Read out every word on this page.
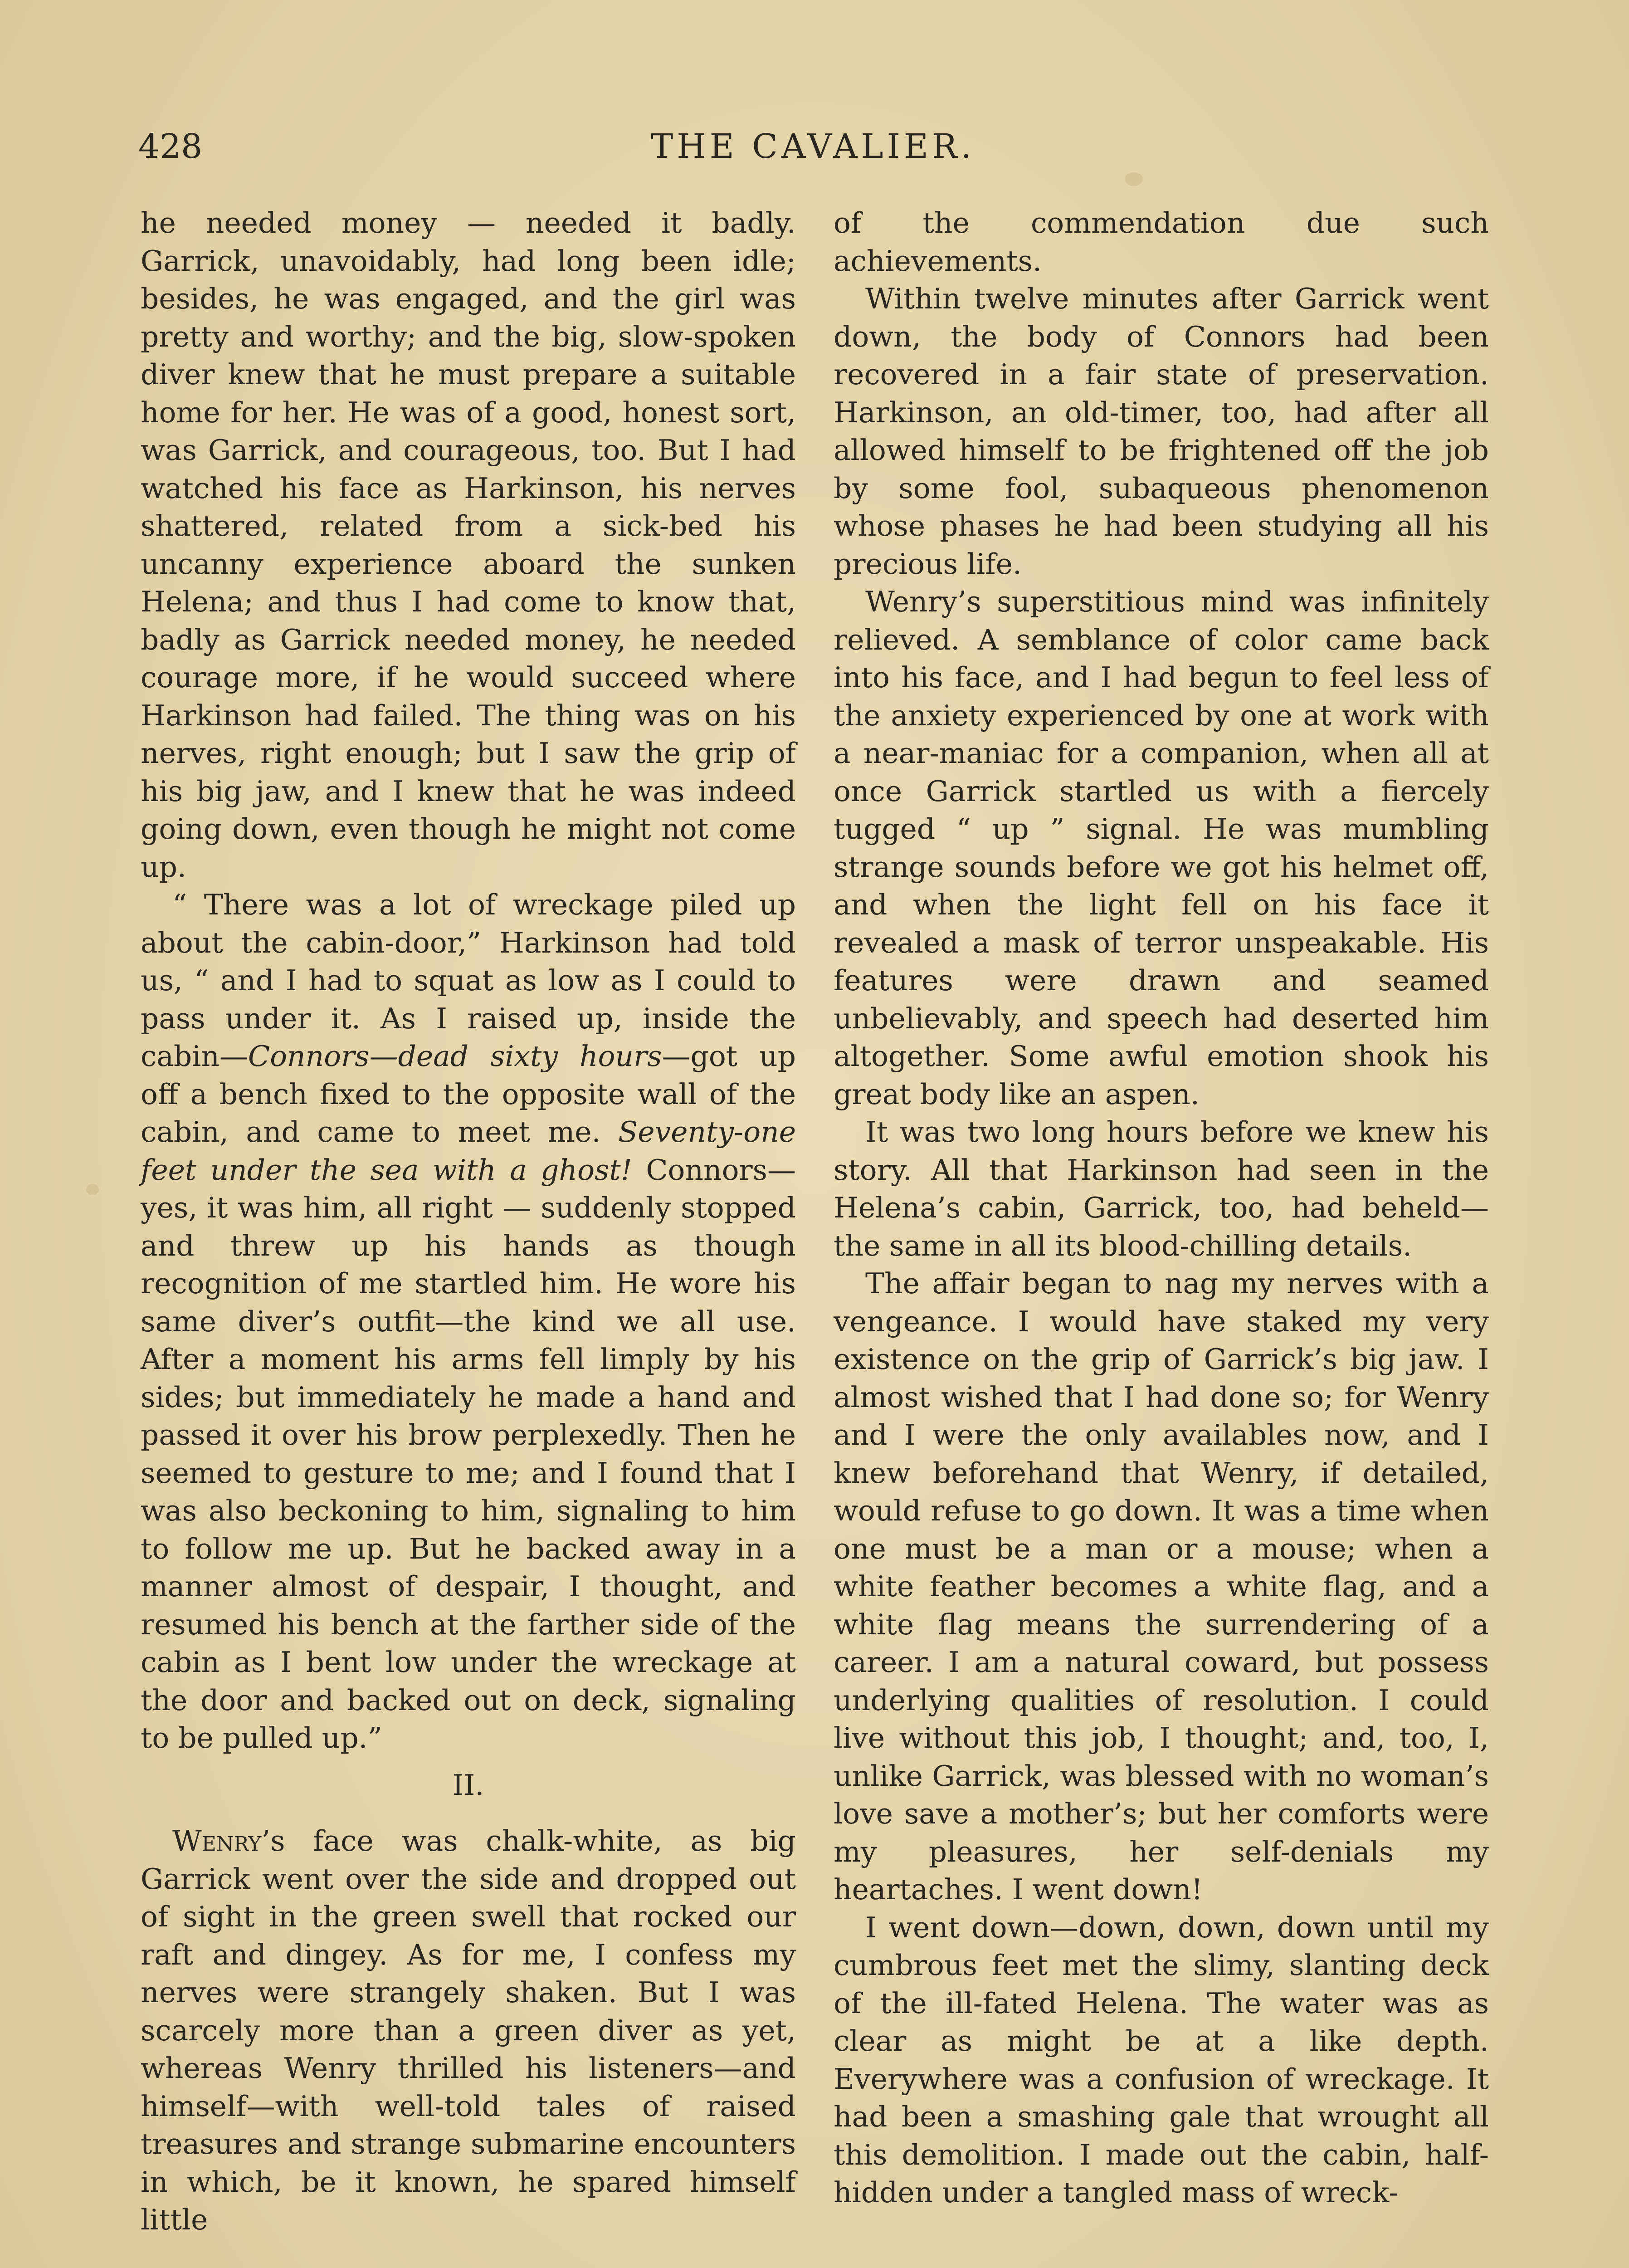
428	THE CAVALIER.

he needed money — needed it badly. Garrick, unavoidably, had long been idle; besides, he was engaged, and the girl was pretty and worthy; and the big, slow-spoken diver knew that he must prepare a suitable home for her. He was of a good, honest sort, was Garrick, and courageous, too. But I had watched his face as Harkinson, his nerves shattered, related from a sick-bed his uncanny experience aboard the sunken Helena; and thus I had come to know that, badly as Garrick needed money, he needed courage more, if he would succeed where Harkinson had failed. The thing was on his nerves, right enough; but I saw the grip of his big jaw, and I knew that he was indeed going down, even though he might not come up.

“ There was a lot of wreckage piled up about the cabin-door,” Harkinson had told us, “ and I had to squat as low as I could to pass under it. As I raised up, inside the cabin—Connors—dead sixty hours—got up off a bench fixed to the opposite wall of the cabin, and came to meet me. Seventy-one feet under the sea with a ghost! Connors—yes, it was him, all right — suddenly stopped and threw up his hands as though recognition of me startled him. He wore his same diver’s outfit—the kind we all use. After a moment his arms fell limply by his sides; but immediately he made a hand and passed it over his brow perplexedly. Then he seemed to gesture to me; and I found that I was also beckoning to him, signaling to him to follow me up. But he backed away in a manner almost of despair, I thought, and resumed his bench at the farther side of the cabin as I bent low under the wreckage at the door and backed out on deck, signaling to be pulled up.”

II.

Wenry’s face was chalk-white, as big Garrick went over the side and dropped out of sight in the green swell that rocked our raft and dingey. As for me, I confess my nerves were strangely shaken. But I was scarcely more than a green diver as yet, whereas Wenry thrilled his listeners—and himself—with well-told tales of raised treasures and strange submarine encounters in which, be it known, he spared himself little

of the commendation due such achievements.

Within twelve minutes after Garrick went down, the body of Connors had been recovered in a fair state of preservation. Harkinson, an old-timer, too, had after all allowed himself to be frightened off the job by some fool, subaqueous phenomenon whose phases he had been studying all his precious life.

Wenry’s superstitious mind was infinitely relieved. A semblance of color came back into his face, and I had begun to feel less of the anxiety experienced by one at work with a near-maniac for a companion, when all at once Garrick startled us with a fiercely tugged “ up ” signal. He was mumbling strange sounds before we got his helmet off, and when the light fell on his face it revealed a mask of terror unspeakable. His features were drawn and seamed unbelievably, and speech had deserted him altogether. Some awful emotion shook his great body like an aspen.

It was two long hours before we knew his story. All that Harkinson had seen in the Helena’s cabin, Garrick, too, had beheld—the same in all its blood-chilling details.

The affair began to nag my nerves with a vengeance. I would have staked my very existence on the grip of Garrick’s big jaw. I almost wished that I had done so; for Wenry and I were the only availables now, and I knew beforehand that Wenry, if detailed, would refuse to go down. It was a time when one must be a man or a mouse; when a white feather becomes a white flag, and a white flag means the surrendering of a career. I am a natural coward, but possess underlying qualities of resolution. I could live without this job, I thought; and, too, I, unlike Garrick, was blessed with no woman’s love save a mother’s; but her comforts were my pleasures, her self-denials my heartaches. I went down!

I went down—down, down, down until my cumbrous feet met the slimy, slanting deck of the ill-fated Helena. The water was as clear as might be at a like depth. Everywhere was a confusion of wreckage. It had been a smashing gale that wrought all this demolition. I made out the cabin, half-hidden under a tangled mass of wreck-
